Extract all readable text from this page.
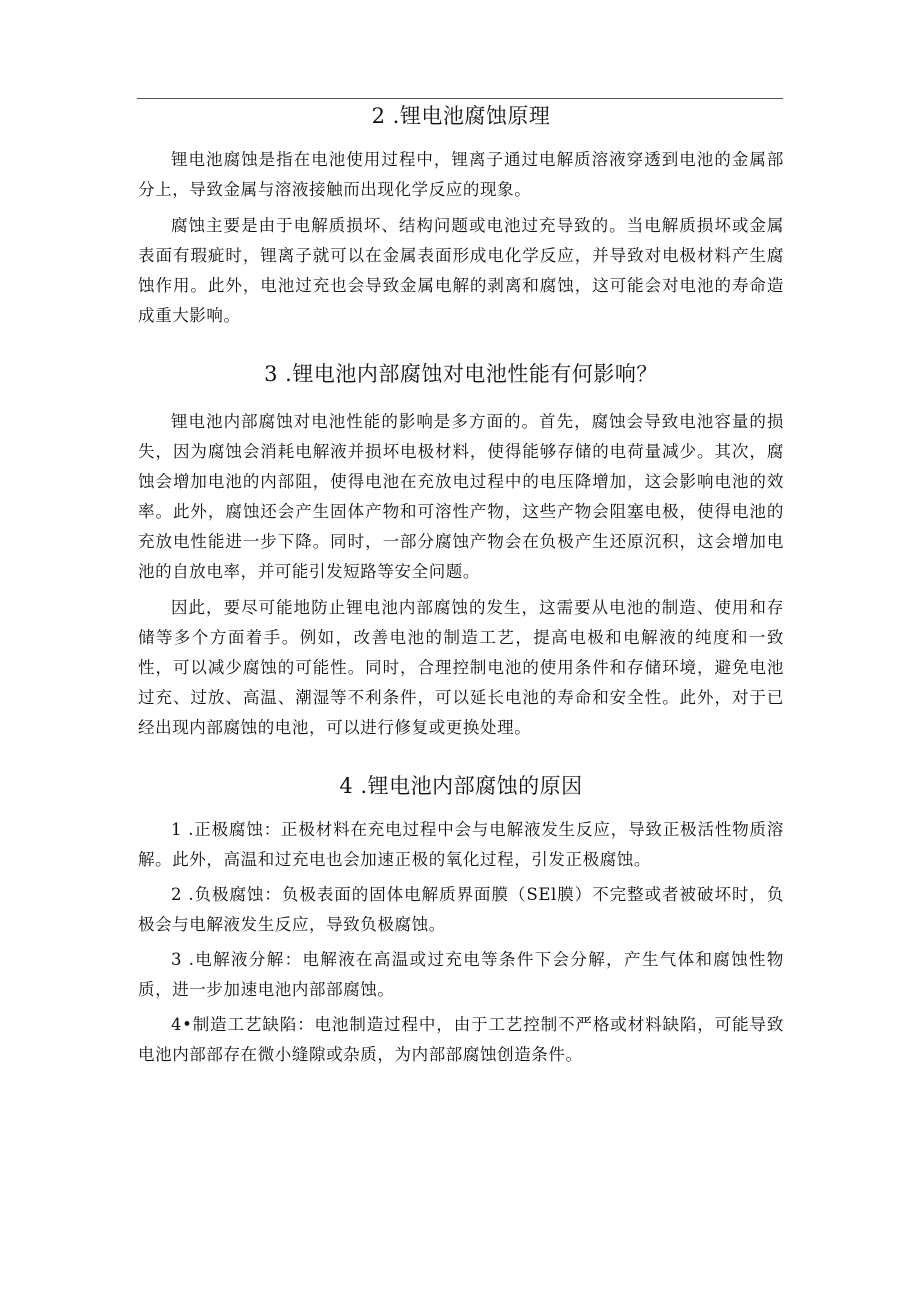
2 .锂电池腐蚀原理

锂电池腐蚀是指在电池使用过程中，锂离子通过电解质溶液穿透到电池的金属部分上，导致金属与溶液接触而出现化学反应的现象。

腐蚀主要是由于电解质损坏、结构问题或电池过充导致的。当电解质损坏或金属表面有瑕疵时，锂离子就可以在金属表面形成电化学反应，并导致对电极材料产生腐蚀作用。此外，电池过充也会导致金属电解的剥离和腐蚀，这可能会对电池的寿命造成重大影响。

3 .锂电池内部腐蚀对电池性能有何影响？

锂电池内部腐蚀对电池性能的影响是多方面的。首先，腐蚀会导致电池容量的损失，因为腐蚀会消耗电解液并损坏电极材料，使得能够存储的电荷量减少。其次，腐蚀会增加电池的内部阻，使得电池在充放电过程中的电压降增加，这会影响电池的效率。此外，腐蚀还会产生固体产物和可溶性产物，这些产物会阻塞电极，使得电池的充放电性能进一步下降。同时，一部分腐蚀产物会在负极产生还原沉积，这会增加电池的自放电率，并可能引发短路等安全问题。

因此，要尽可能地防止锂电池内部腐蚀的发生，这需要从电池的制造、使用和存储等多个方面着手。例如，改善电池的制造工艺，提高电极和电解液的纯度和一致性，可以减少腐蚀的可能性。同时，合理控制电池的使用条件和存储环境，避免电池过充、过放、高温、潮湿等不利条件，可以延长电池的寿命和安全性。此外，对于已经出现内部腐蚀的电池，可以进行修复或更换处理。

4 .锂电池内部腐蚀的原因

1 .正极腐蚀：正极材料在充电过程中会与电解液发生反应，导致正极活性物质溶解。此外，高温和过充电也会加速正极的氧化过程，引发正极腐蚀。

2 .负极腐蚀：负极表面的固体电解质界面膜（SEl膜）不完整或者被破坏时，负极会与电解液发生反应，导致负极腐蚀。

3 .电解液分解：电解液在高温或过充电等条件下会分解，产生气体和腐蚀性物质，进一步加速电池内部部腐蚀。

4•制造工艺缺陷：电池制造过程中，由于工艺控制不严格或材料缺陷，可能导致电池内部部存在微小缝隙或杂质，为内部部腐蚀创造条件。
